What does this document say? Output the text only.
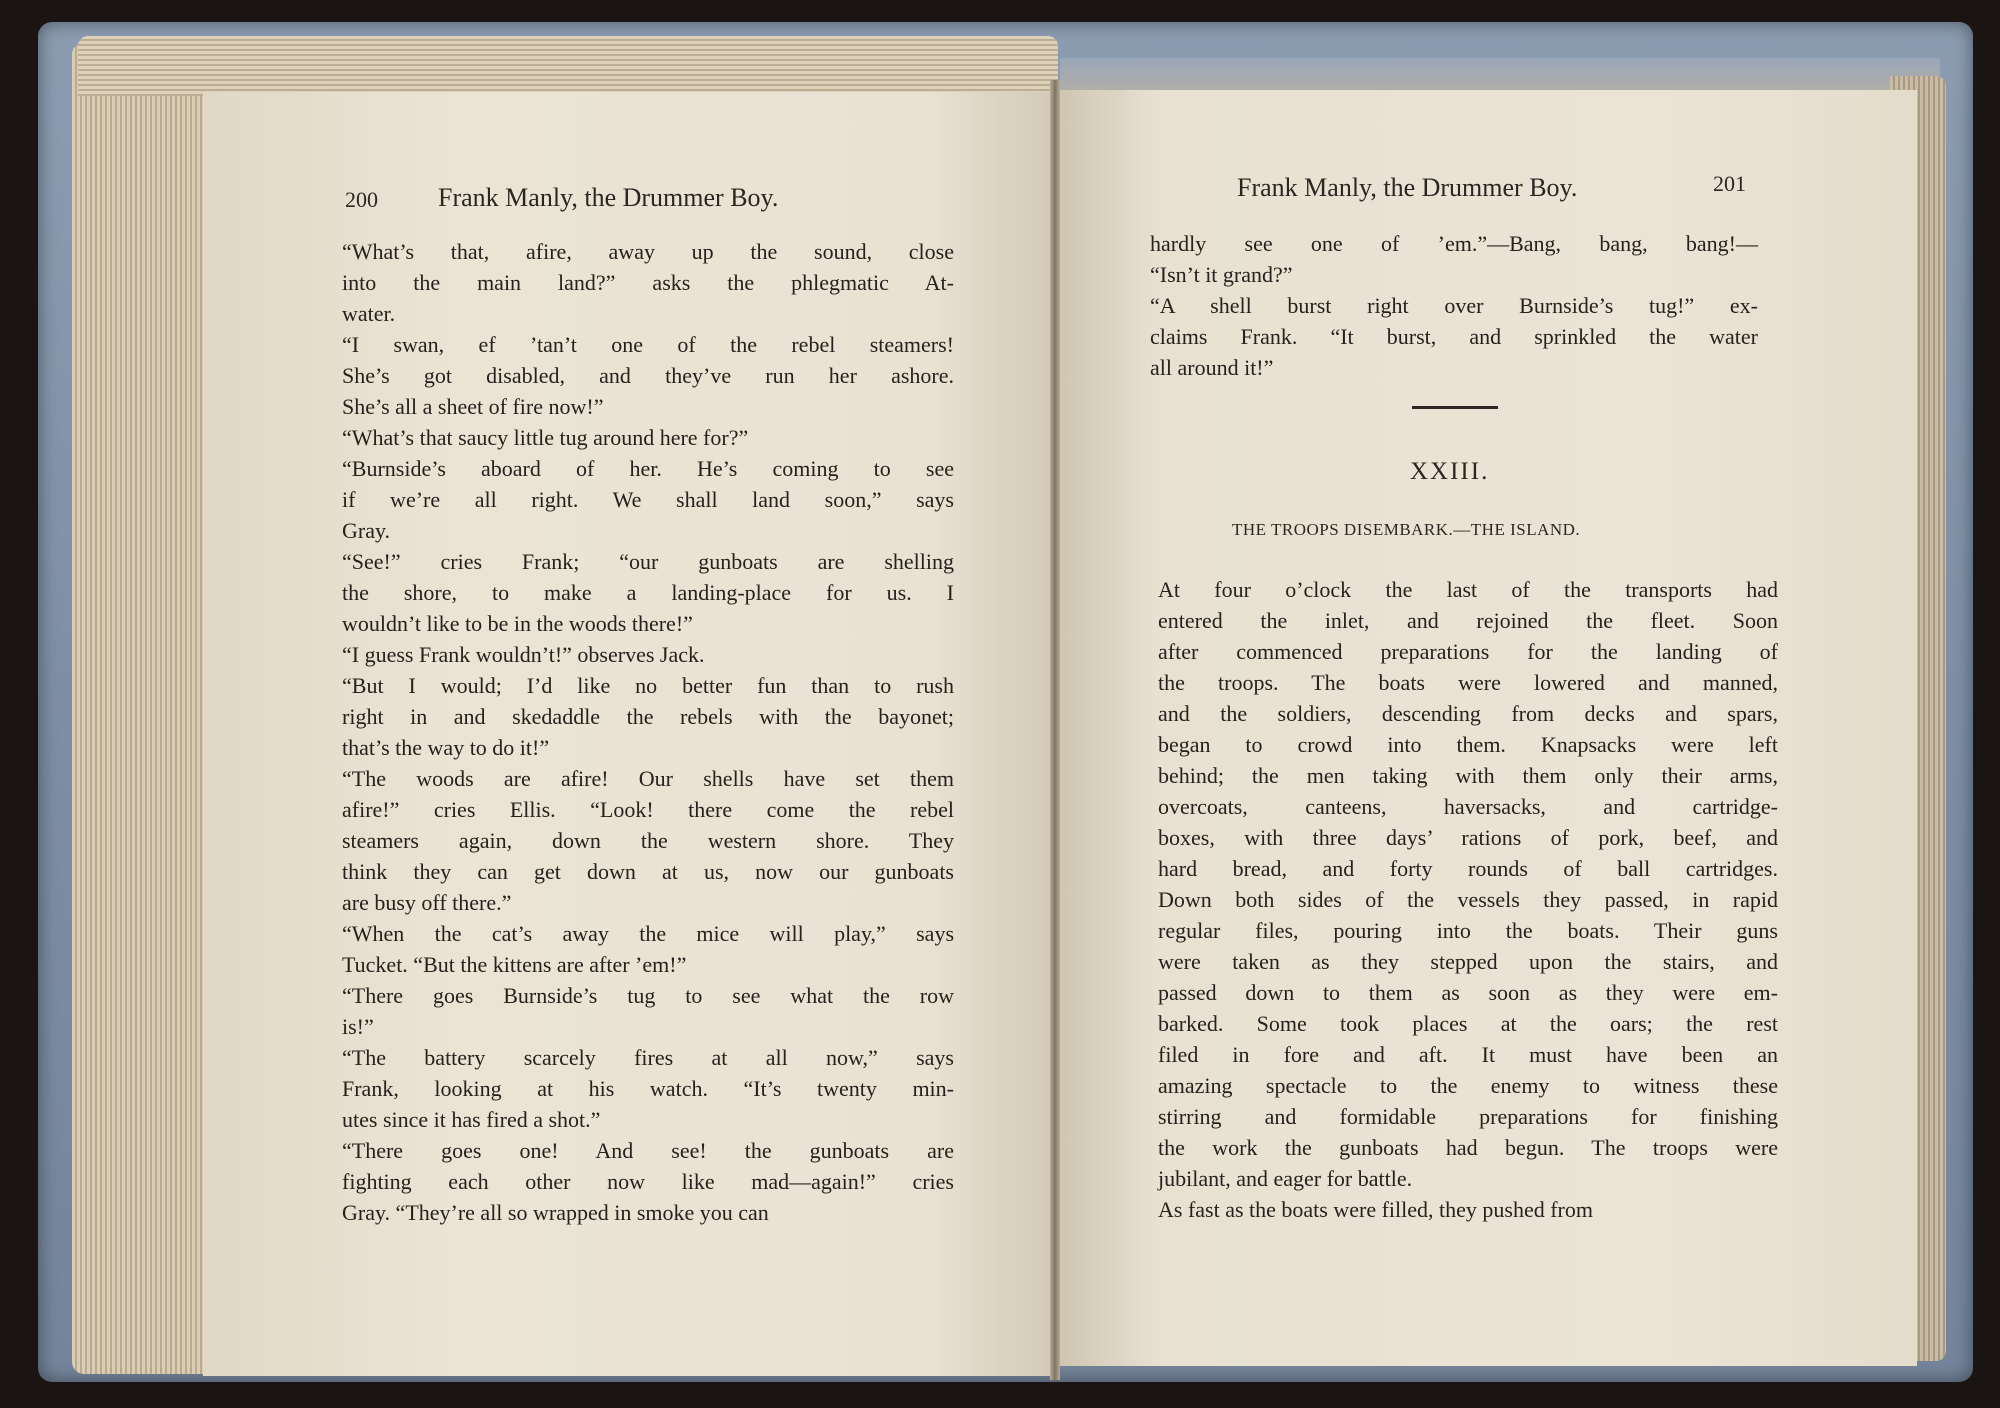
200 Frank Manly, the Drummer Boy.
“What’s that, afire, away up the sound, close
into the main land?” asks the phlegmatic At-
water.
“I swan, ef ’tan’t one of the rebel steamers!
She’s got disabled, and they’ve run her ashore.
She’s all a sheet of fire now!”
“What’s that saucy little tug around here for?”
“Burnside’s aboard of her. He’s coming to see
if we’re all right. We shall land soon,” says
Gray.
“See!” cries Frank; “our gunboats are shelling
the shore, to make a landing-place for us. I
wouldn’t like to be in the woods there!”
“I guess Frank wouldn’t!” observes Jack.
“But I would; I’d like no better fun than to rush
right in and skedaddle the rebels with the bayonet;
that’s the way to do it!”
“The woods are afire! Our shells have set them
afire!” cries Ellis. “Look! there come the rebel
steamers again, down the western shore. They
think they can get down at us, now our gunboats
are busy off there.”
“When the cat’s away the mice will play,” says
Tucket. “But the kittens are after ’em!”
“There goes Burnside’s tug to see what the row
is!”
“The battery scarcely fires at all now,” says
Frank, looking at his watch. “It’s twenty min-
utes since it has fired a shot.”
“There goes one! And see! the gunboats are
fighting each other now like mad—again!” cries
Gray. “They’re all so wrapped in smoke you can
Frank Manly, the Drummer Boy.	201
hardly see one of ’em.”—Bang, bang, bang!—
“Isn’t it grand?”
“A shell burst right over Burnside’s tug!” ex-
claims Frank. “It burst, and sprinkled the water
all around it!”
XXIII.
THE TROOPS DISEMBARK.—THE ISLAND.
At four o’clock the last of the transports had
entered the inlet, and rejoined the fleet. Soon
after commenced preparations for the landing of
the troops. The boats were lowered and manned,
and the soldiers, descending from decks and spars,
began to crowd into them. Knapsacks were left
behind; the men taking with them only their arms,
overcoats, canteens, haversacks, and cartridge-
boxes, with three days’ rations of pork, beef, and
hard bread, and forty rounds of ball cartridges.
Down both sides of the vessels they passed, in rapid
regular files, pouring into the boats. Their guns
were taken as they stepped upon the stairs, and
passed down to them as soon as they were em-
barked. Some took places at the oars; the rest
filed in fore and aft. It must have been an
amazing spectacle to the enemy to witness these
stirring and formidable preparations for finishing
the work the gunboats had begun. The troops were
jubilant, and eager for battle.
As fast as the boats were filled, they pushed from
